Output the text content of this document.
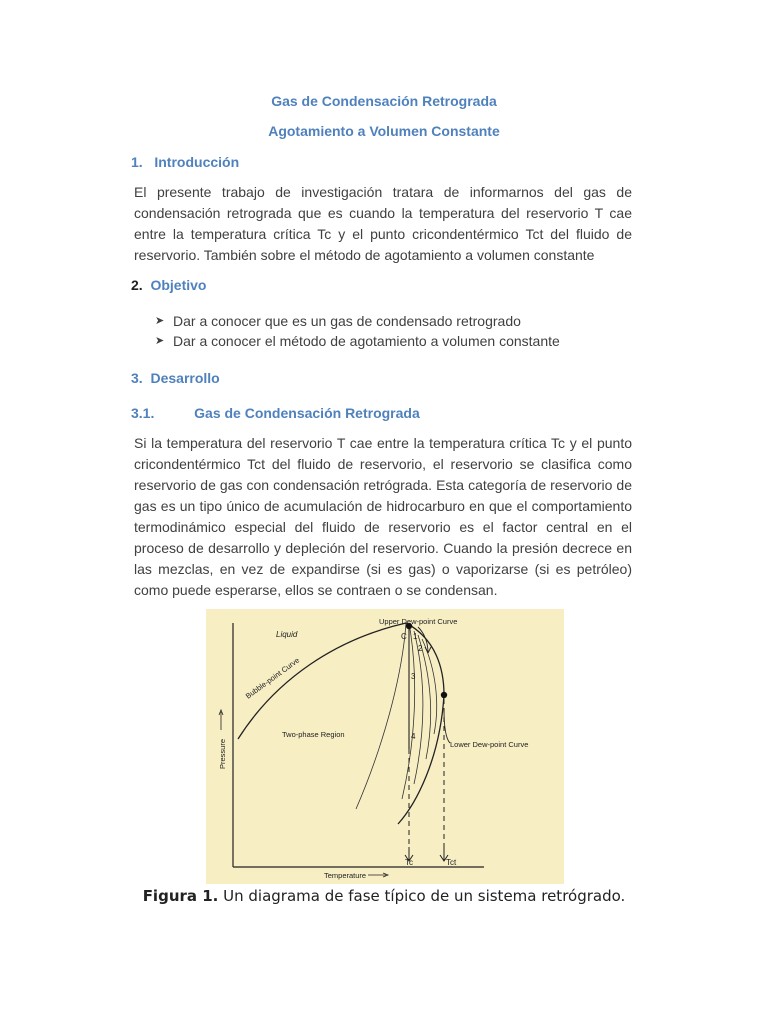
Gas de Condensación Retrograda
Agotamiento a Volumen Constante
1. Introducción

El presente trabajo de investigación tratara de informarnos del gas de condensación retrograda que es cuando la temperatura del reservorio T cae entre la temperatura crítica Tc y el punto cricondentérmico Tct del fluido de reservorio. También sobre el método de agotamiento a volumen constante

2. Objetivo
➤ Dar a conocer que es un gas de condensado retrogrado
➤ Dar a conocer el método de agotamiento a volumen constante
3. Desarrollo
3.1.	Gas de Condensación Retrograda

Si la temperatura del reservorio T cae entre la temperatura crítica Tc y el punto cricondentérmico Tct del fluido de reservorio, el reservorio se clasifica como reservorio de gas con condensación retrógrada. Esta categoría de reservorio de gas es un tipo único de acumulación de hidrocarburo en que el comportamiento termodinámico especial del fluido de reservorio es el factor central en el proceso de desarrollo y depleción del reservorio. Cuando la presión decrece en las mezclas, en vez de expandirse (si es gas) o vaporizarse (si es petróleo) como puede esperarse, ellos se contraen o se condensan.

Liquid
Bubble-point Curve
Upper Dew-point Curve
Lower Dew-point Curve
Two-phase Region
Pressure
Temperature
Tc	Tct
C 1
2
3
4

Figura 1. Un diagrama de fase típico de un sistema retrógrado.
